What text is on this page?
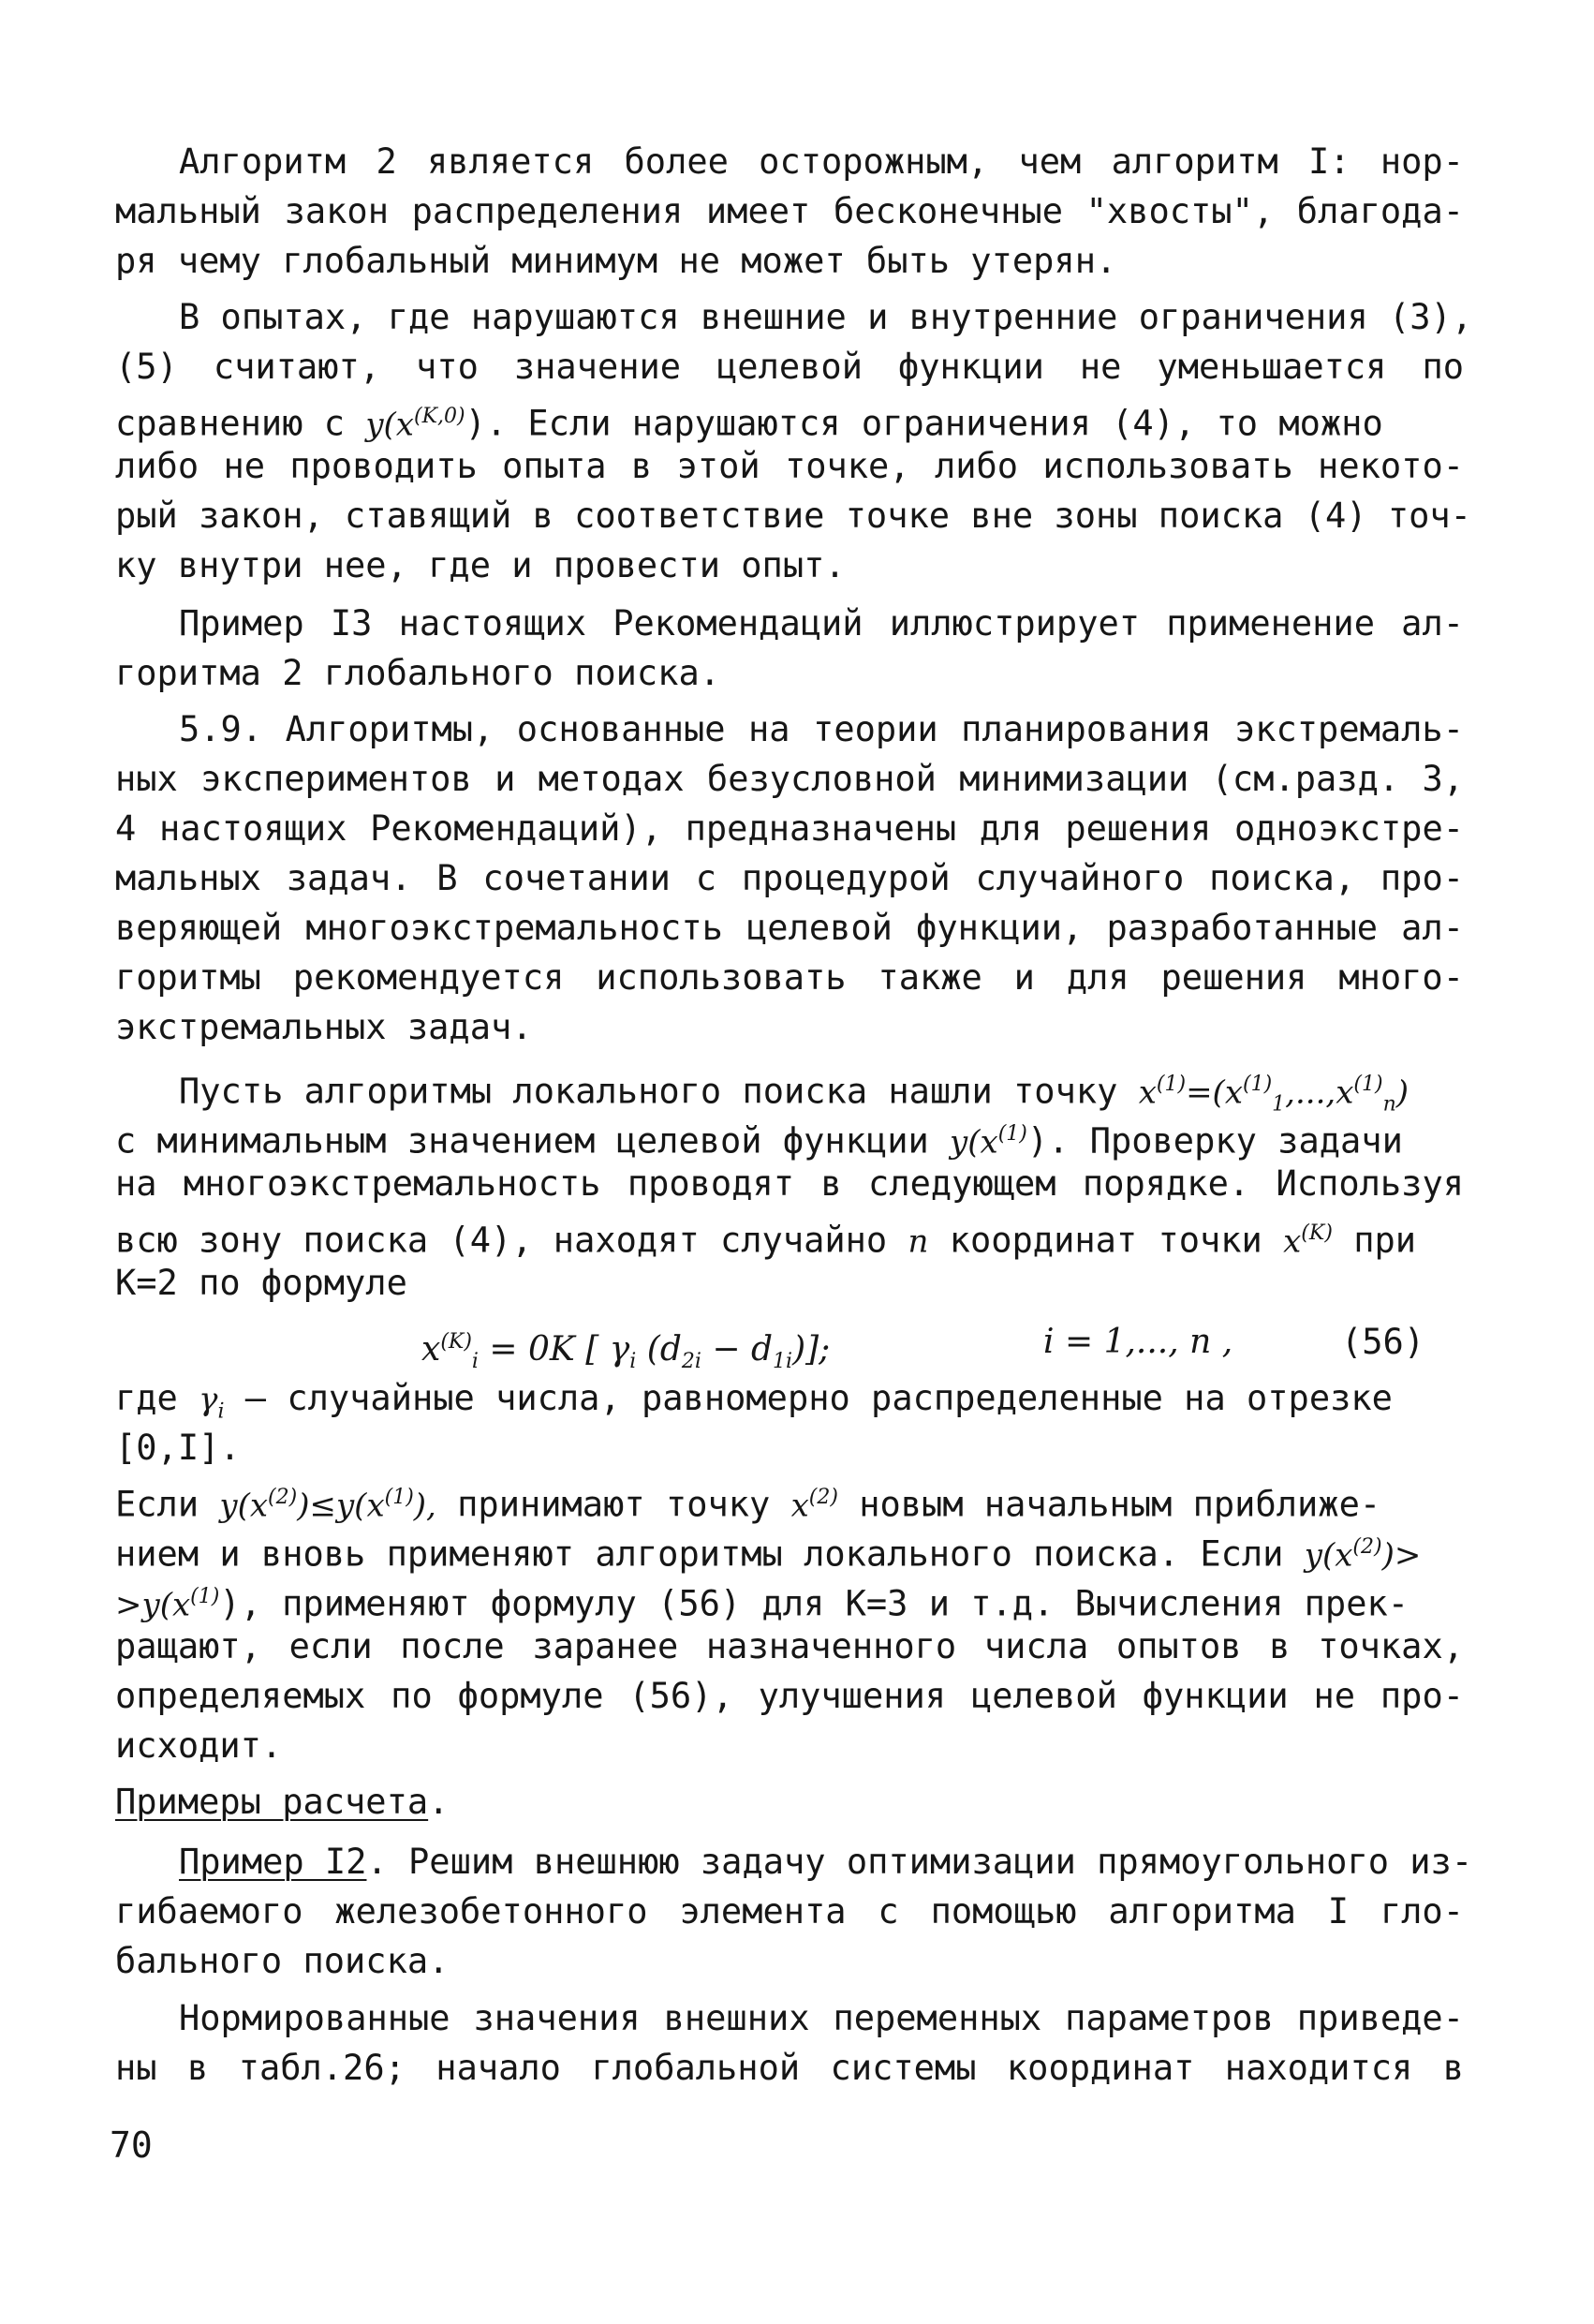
Алгоритм 2 является более осторожным, чем алгоритм I: нор-
мальный закон распределения имеет бесконечные "хвосты", благода-
ря чему глобальный минимум не может быть утерян.
В опытах, где нарушаются внешние и внутренние ограничения (3),
(5) считают, что значение целевой функции не уменьшается по
сравнению с $y(x^{(K,0)})$. Если нарушаются ограничения (4), то можно
либо не проводить опыта в этой точке, либо использовать некото-
рый закон, ставящий в соответствие точке вне зоны поиска (4) точ-
ку внутри нее, где и провести опыт.
Пример I3 настоящих Рекомендаций иллюстрирует применение ал-
горитма 2 глобального поиска.
5.9. Алгоритмы, основанные на теории планирования экстремаль-
ных экспериментов и методах безусловной минимизации (см.разд. 3,
4 настоящих Рекомендаций), предназначены для решения одноэкстре-
мальных задач. В сочетании с процедурой случайного поиска, про-
веряющей многоэкстремальность целевой функции, разработанные ал-
горитмы рекомендуется использовать также и для решения много-
экстремальных задач.
Пусть алгоритмы локального поиска нашли точку $x^{(1)}=(x^{(1)}_1,...,x^{(1)}_n)$
с минимальным значением целевой функции $y(x^{(1)})$. Проверку задачи
на многоэкстремальность проводят в следующем порядке. Используя
всю зону поиска (4), находят случайно n координат точки $x^{(K)}$ при
К=2 по формуле
$x^{(K)}_i = 0K$ [ $\gamma_i$ $(d_{2i} - d_{1i})$];	i = 1,..., n ,	(56)
где $\gamma_i$ – случайные числа, равномерно распределенные на отрезке
[0,I].
Если $y(x^{(2)})\le y(x^{(1)})$, принимают точку $x^{(2)}$ новым начальным приближе-
нием и вновь применяют алгоритмы локального поиска. Если $y(x^{(2)})>$
$>y(x^{(1)})$, применяют формулу (56) для К=3 и т.д. Вычисления прек-
ращают, если после заранее назначенного числа опытов в точках,
определяемых по формуле (56), улучшения целевой функции не про-
исходит.
Примеры расчета.
Пример I2. Решим внешнюю задачу оптимизации прямоугольного из-
гибаемого железобетонного элемента с помощью алгоритма I гло-
бального поиска.
Нормированные значения внешних переменных параметров приведе-
ны в табл.26; начало глобальной системы координат находится в
70
